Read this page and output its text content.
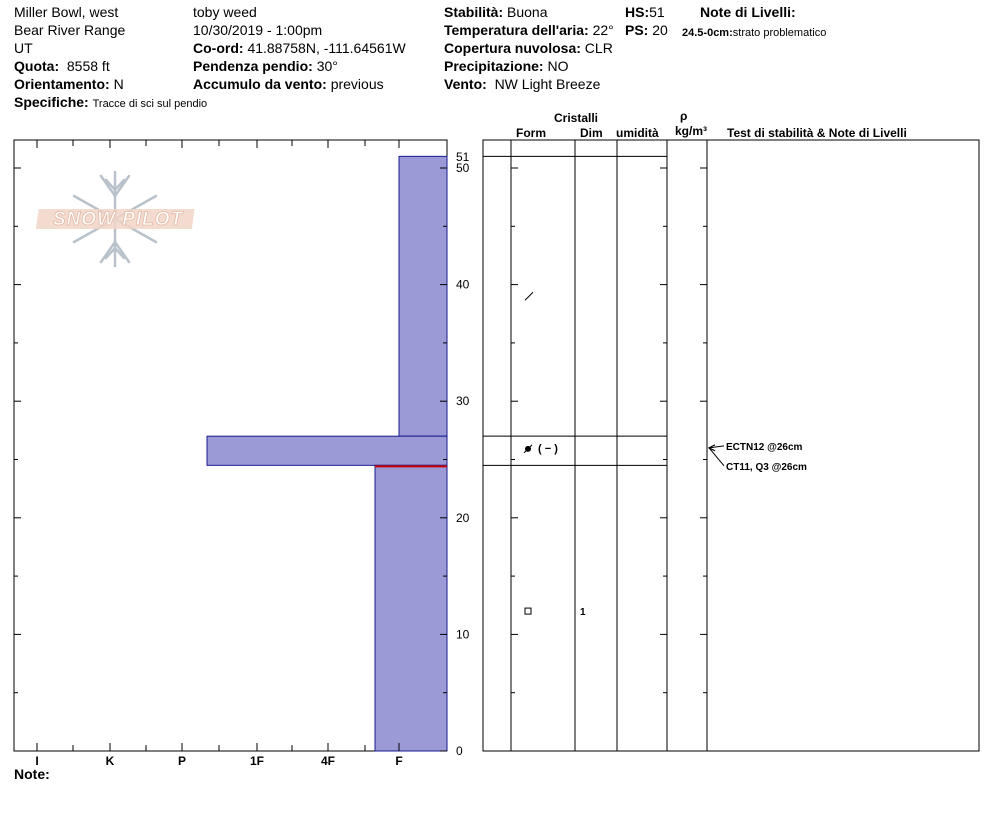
Miller Bowl, west
Bear River Range
UT
Quota: 8558 ft
Orientamento: N
Specifiche: Tracce di sci sul pendio
toby weed
10/30/2019 - 1:00pm
Co-ord: 41.88758N, -111.64561W
Pendenza pendio: 30°
Accumulo da vento: previous
Stabilità: Buona
Temperatura dell'aria: 22°
Copertura nuvolosa: CLR
Precipitazione: NO
Vento: NW Light Breeze
HS:51
PS: 20
Note di Livelli:
24.5-0cm:strato problematico
Cristalli
Form	Dim umidità
ρ
kg/m³ Test di stabilità & Note di Livelli
Note:
SNOW PILOT
0
10
20
30
40
50
51
I	K	P	1F	4F	F
( − )
1
ECTN12 @26cm
CT11, Q3 @26cm
